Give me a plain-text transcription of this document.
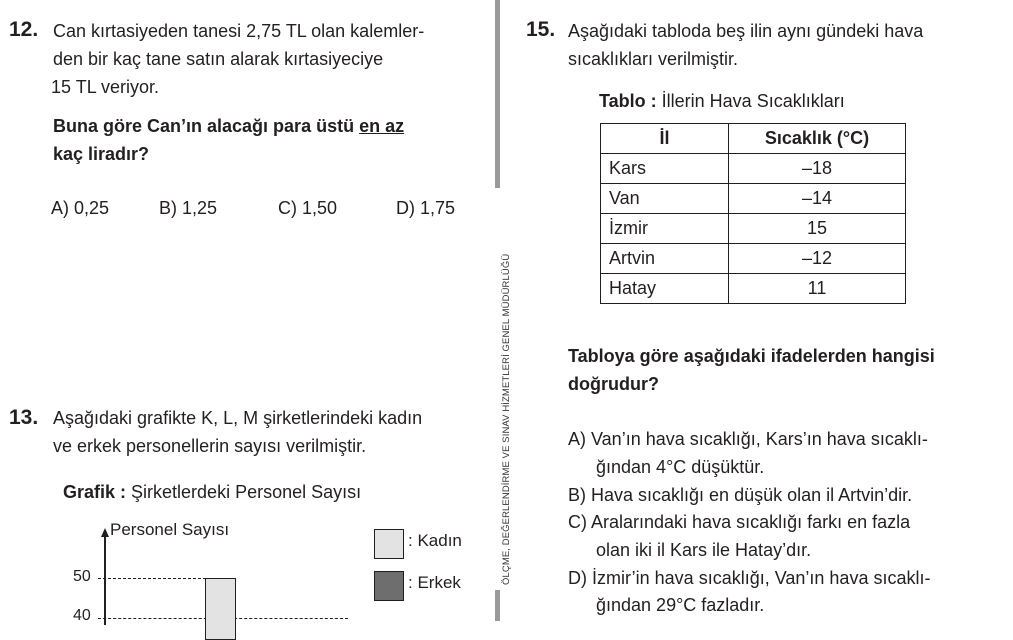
12. Can kırtasiyeden tanesi 2,75 TL olan kalemler-
den bir kaç tane satın alarak kırtasiyeciye
15 TL veriyor.
Buna göre Can’ın alacağı para üstü en az
kaç liradır?
A) 0,25	B) 1,25	C) 1,50	D) 1,75
13. Aşağıdaki grafikte K, L, M şirketlerindeki kadın
ve erkek personellerin sayısı verilmiştir.
Grafik : Şirketlerdeki Personel Sayısı
Personel Sayısı
50
40
: Kadın
: Erkek	ÖLÇME, DEĞERLENDİRME VE SINAV HİZMETLERİ GENEL MÜDÜRLÜĞÜ
15. Aşağıdaki tabloda beş ilin aynı gündeki hava
sıcaklıkları verilmiştir.
Tablo : İllerin Hava Sıcaklıkları
İl	Sıcaklık (°C)
Kars	–18
Van	–14
İzmir	15
Artvin	–12
Hatay	11
Tabloya göre aşağıdaki ifadelerden hangisi
doğrudur?
A) Van’ın hava sıcaklığı, Kars’ın hava sıcaklı-
ğından 4°C düşüktür.
B) Hava sıcaklığı en düşük olan il Artvin’dir.
C) Aralarındaki hava sıcaklığı farkı en fazla
olan iki il Kars ile Hatay’dır.
D) İzmir’in hava sıcaklığı, Van’ın hava sıcaklı-
ğından 29°C fazladır.
